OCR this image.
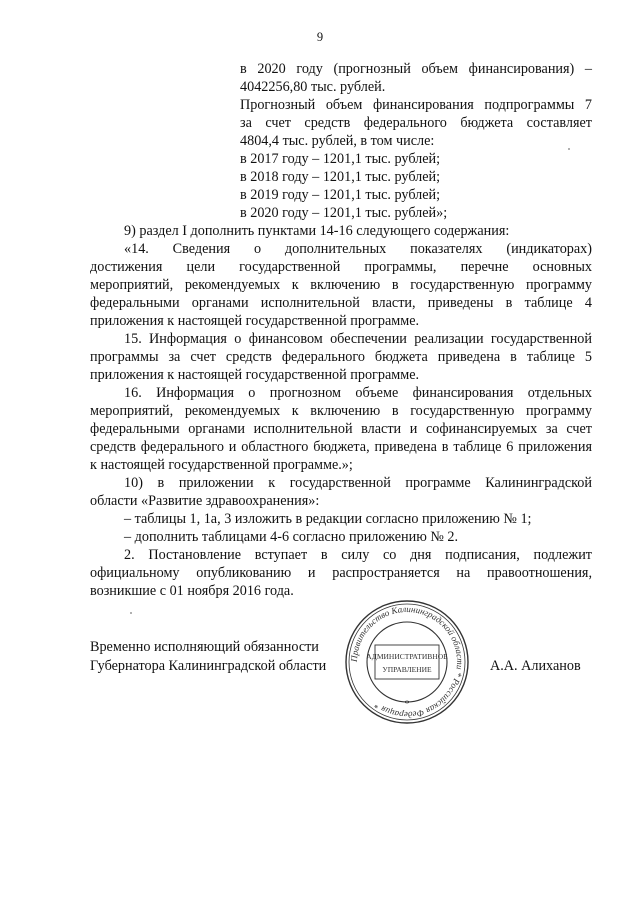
9
в 2020 году (прогнозный объем финансирования) –
4042256,80 тыс. рублей.
Прогнозный объем финансирования подпрограммы 7
за счет средств федерального бюджета составляет
4804,4 тыс. рублей, в том числе:
в 2017 году – 1201,1 тыс. рублей;
в 2018 году – 1201,1 тыс. рублей;
в 2019 году – 1201,1 тыс. рублей;
в 2020 году – 1201,1 тыс. рублей»;
9) раздел I дополнить пунктами 14-16 следующего содержания:
«14. Сведения о дополнительных показателях (индикаторах)
достижения цели государственной программы, перечне основных
мероприятий, рекомендуемых к включению в государственную программу
федеральными органами исполнительной власти, приведены в таблице 4
приложения к настоящей государственной программе.
15. Информация о финансовом обеспечении реализации государственной
программы за счет средств федерального бюджета приведена в таблице 5
приложения к настоящей государственной программе.
16. Информация о прогнозном объеме финансирования отдельных
мероприятий, рекомендуемых к включению в государственную программу
федеральными органами исполнительной власти и софинансируемых за счет
средств федерального и областного бюджета, приведена в таблице 6 приложения
к настоящей государственной программе.»;
10) в приложении к государственной программе Калининградской
области «Развитие здравоохранения»:
– таблицы 1, 1а, 3 изложить в редакции согласно приложению № 1;
– дополнить таблицами 4-6 согласно приложению № 2.
2. Постановление вступает в силу со дня подписания, подлежит
официальному опубликованию и распространяется на правоотношения,
возникшие с 01 ноября 2016 года.
Временно исполняющий обязанности
Губернатора Калининградской области	А.А. Алиханов
Правительство Калининградской области * Российская Федерация *
АДМИНИСТРАТИВНОЕ
УПРАВЛЕНИЕ
*
